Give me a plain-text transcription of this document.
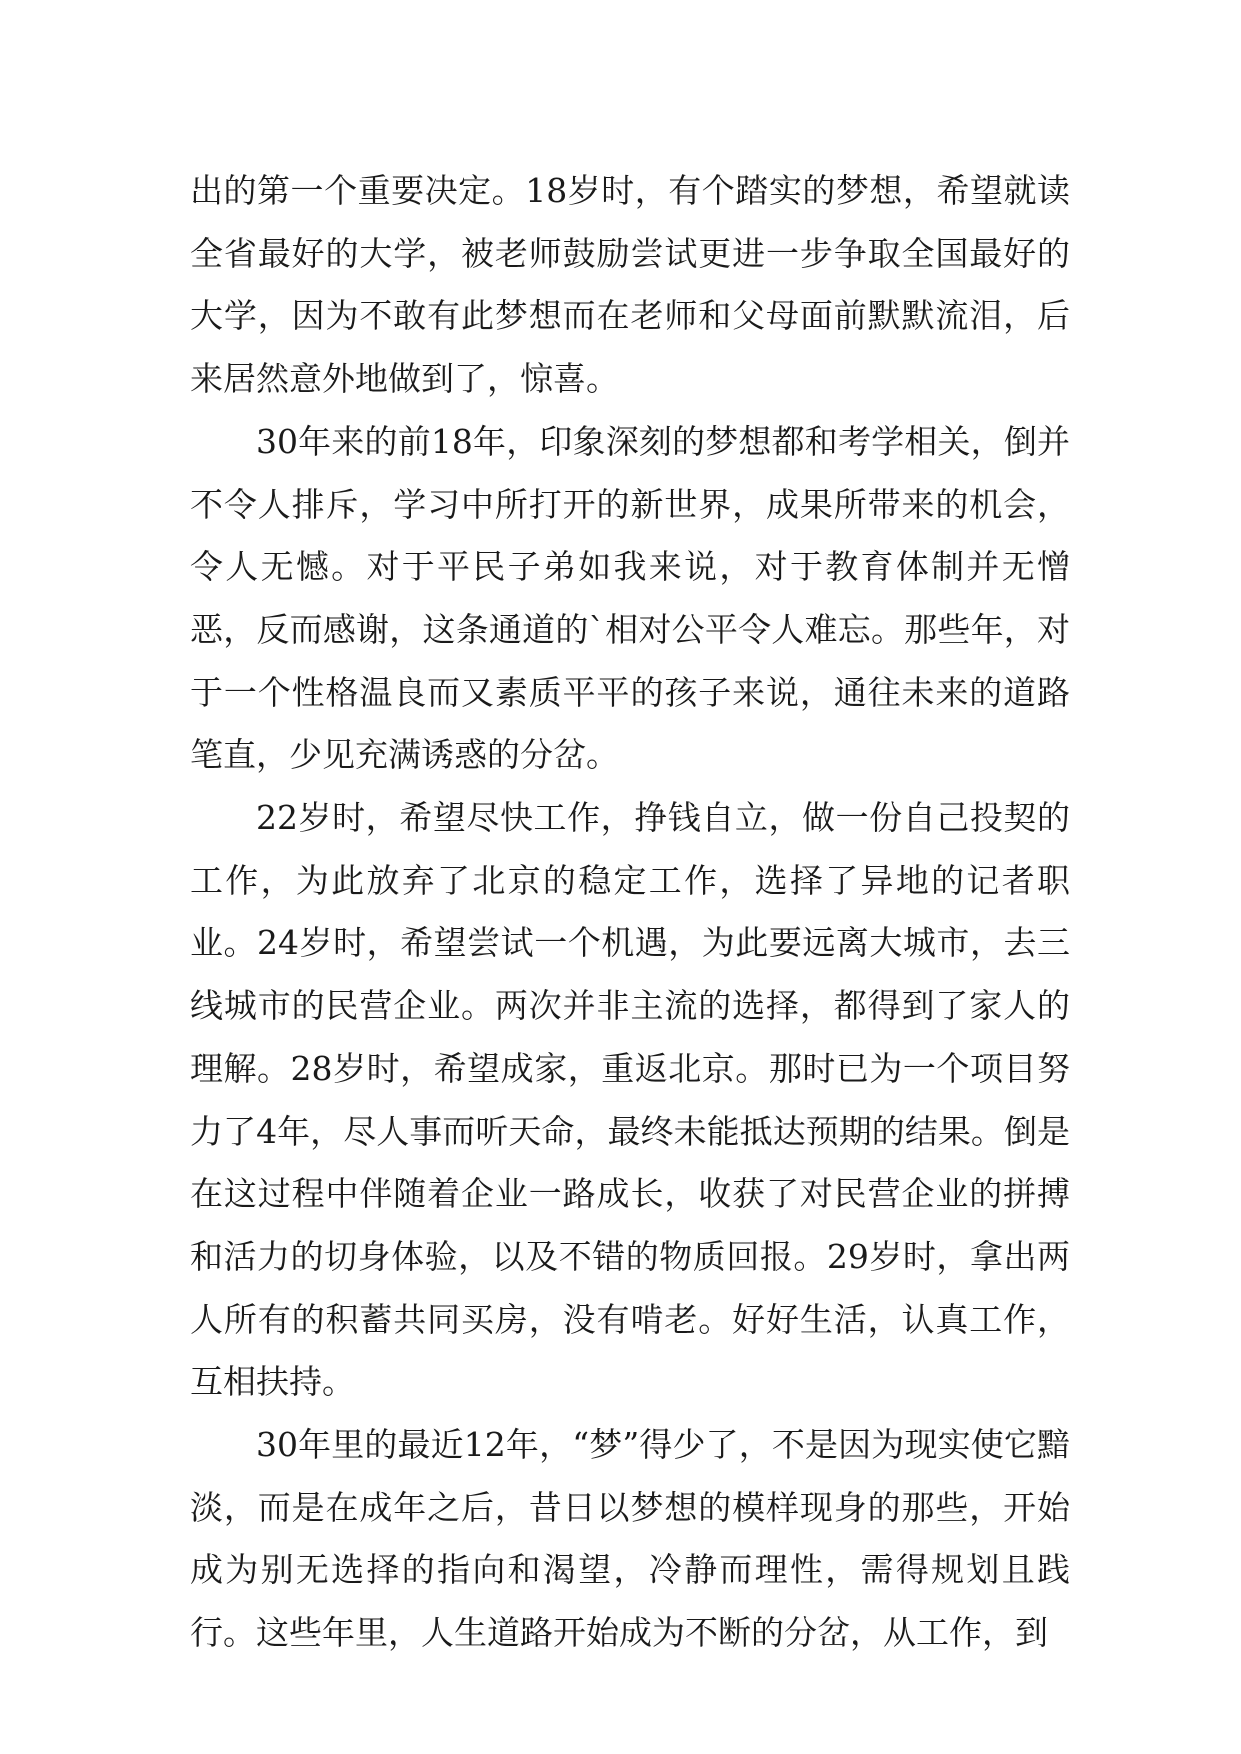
出的第一个重要决定。18岁时，有个踏实的梦想，希望就读全省最好的大学，被老师鼓励尝试更进一步争取全国最好的大学，因为不敢有此梦想而在老师和父母面前默默流泪，后来居然意外地做到了，惊喜。

30年来的前18年，印象深刻的梦想都和考学相关，倒并不令人排斥，学习中所打开的新世界，成果所带来的机会，令人无憾。对于平民子弟如我来说，对于教育体制并无憎恶，反而感谢，这条通道的`相对公平令人难忘。那些年，对于一个性格温良而又素质平平的孩子来说，通往未来的道路笔直，少见充满诱惑的分岔。

22岁时，希望尽快工作，挣钱自立，做一份自己投契的工作，为此放弃了北京的稳定工作，选择了异地的记者职业。24岁时，希望尝试一个机遇，为此要远离大城市，去三线城市的民营企业。两次并非主流的选择，都得到了家人的理解。28岁时，希望成家，重返北京。那时已为一个项目努力了4年，尽人事而听天命，最终未能抵达预期的结果。倒是在这过程中伴随着企业一路成长，收获了对民营企业的拼搏和活力的切身体验，以及不错的物质回报。29岁时，拿出两人所有的积蓄共同买房，没有啃老。好好生活，认真工作，互相扶持。

30年里的最近12年，“梦”得少了，不是因为现实使它黯淡，而是在成年之后，昔日以梦想的模样现身的那些，开始成为别无选择的指向和渴望，冷静而理性，需得规划且践行。这些年里，人生道路开始成为不断的分岔，从工作，到
